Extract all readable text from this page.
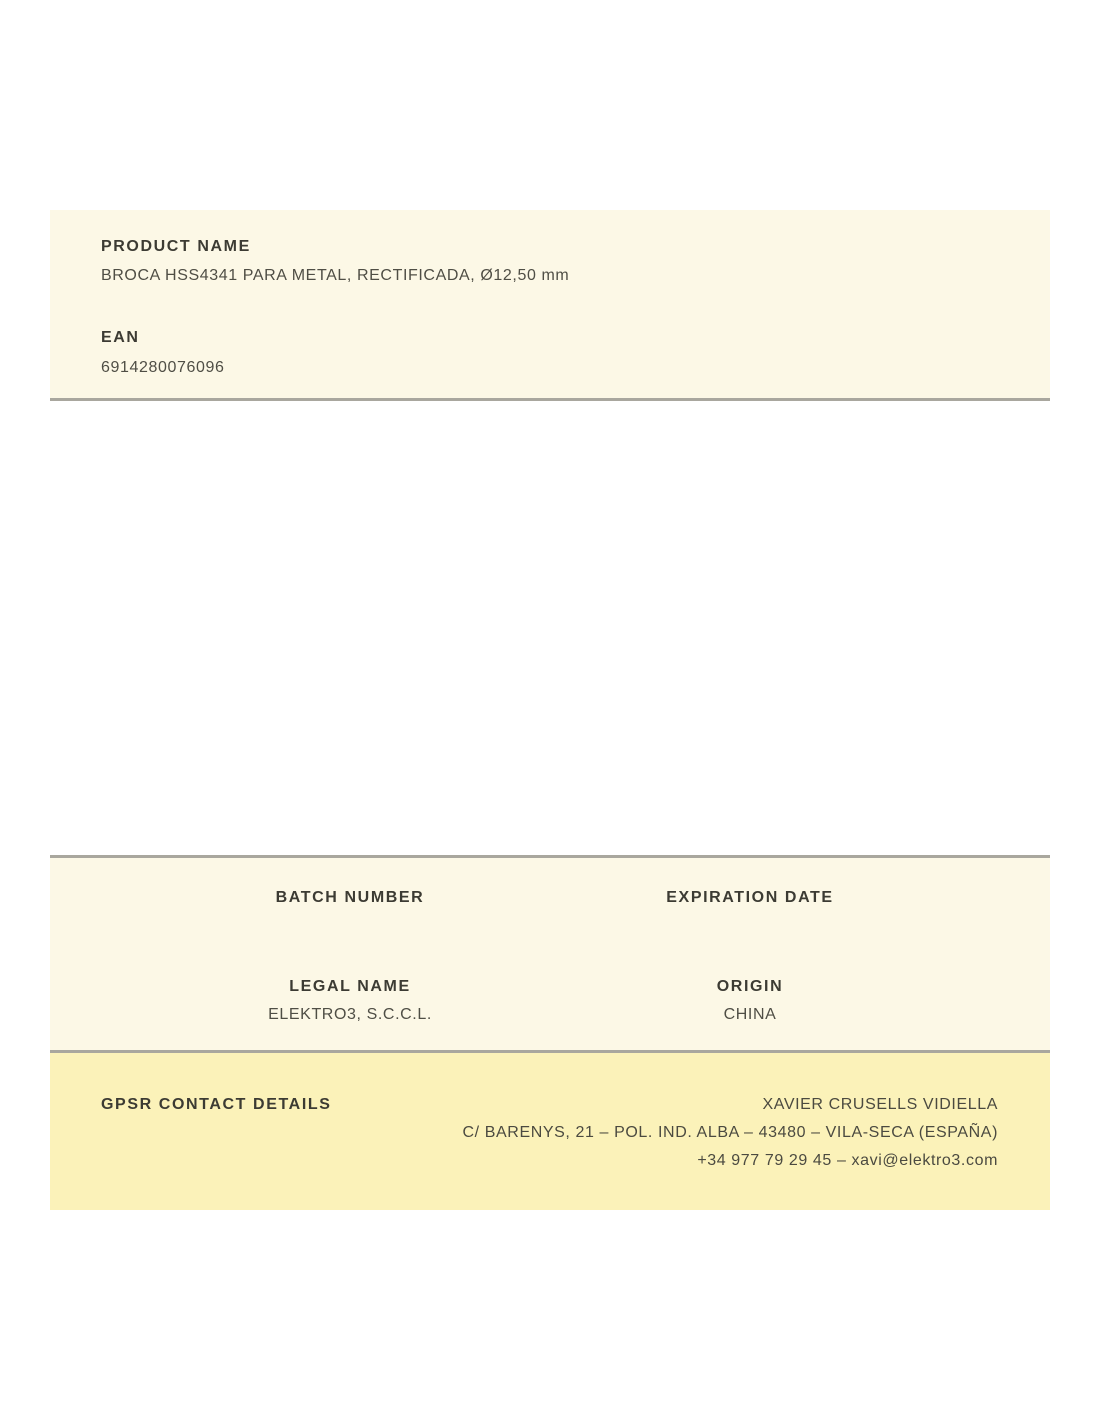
PRODUCT NAME
BROCA HSS4341 PARA METAL, RECTIFICADA, Ø12,50 mm
EAN
6914280076096
BATCH NUMBER
LEGAL NAME
ELEKTRO3, S.C.C.L.
EXPIRATION DATE
ORIGIN
CHINA
GPSR CONTACT DETAILS	XAVIER CRUSELLS VIDIELLA
C/ BARENYS, 21 – POL. IND. ALBA – 43480 – VILA-SECA (ESPAÑA)
+34 977 79 29 45 – xavi@elektro3.com
